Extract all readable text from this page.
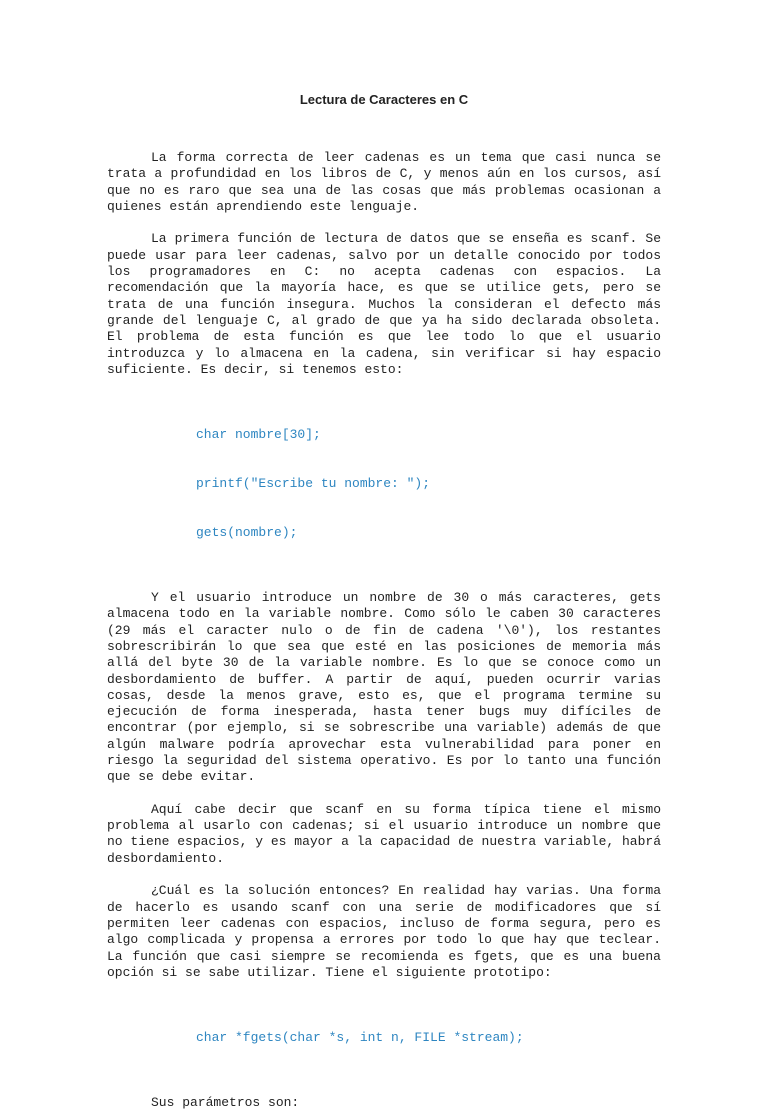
Lectura de Caracteres en C

La forma correcta de leer cadenas es un tema que casi nunca se trata a profundidad en los libros de C, y menos aún en los cursos, así que no es raro que sea una de las cosas que más problemas ocasionan a quienes están aprendiendo este lenguaje.

La primera función de lectura de datos que se enseña es scanf. Se puede usar para leer cadenas, salvo por un detalle conocido por todos los programadores en C: no acepta cadenas con espacios. La recomendación que la mayoría hace, es que se utilice gets, pero se trata de una función insegura. Muchos la consideran el defecto más grande del lenguaje C, al grado de que ya ha sido declarada obsoleta. El problema de esta función es que lee todo lo que el usuario introduzca y lo almacena en la cadena, sin verificar si hay espacio suficiente. Es decir, si tenemos esto:

char nombre[30];

printf("Escribe tu nombre: ");

gets(nombre);

Y el usuario introduce un nombre de 30 o más caracteres, gets almacena todo en la variable nombre. Como sólo le caben 30 caracteres (29 más el caracter nulo o de fin de cadena '\0'), los restantes sobrescribirán lo que sea que esté en las posiciones de memoria más allá del byte 30 de la variable nombre. Es lo que se conoce como un desbordamiento de buffer. A partir de aquí, pueden ocurrir varias cosas, desde la menos grave, esto es, que el programa termine su ejecución de forma inesperada, hasta tener bugs muy difíciles de encontrar (por ejemplo, si se sobrescribe una variable) además de que algún malware podría aprovechar esta vulnerabilidad para poner en riesgo la seguridad del sistema operativo. Es por lo tanto una función que se debe evitar.

Aquí cabe decir que scanf en su forma típica tiene el mismo problema al usarlo con cadenas; si el usuario introduce un nombre que no tiene espacios, y es mayor a la capacidad de nuestra variable, habrá desbordamiento.

¿Cuál es la solución entonces? En realidad hay varias. Una forma de hacerlo es usando scanf con una serie de modificadores que sí permiten leer cadenas con espacios, incluso de forma segura, pero es algo complicada y propensa a errores por todo lo que hay que teclear. La función que casi siempre se recomienda es fgets, que es una buena opción si se sabe utilizar. Tiene el siguiente prototipo:

char *fgets(char *s, int n, FILE *stream);

Sus parámetros son:
